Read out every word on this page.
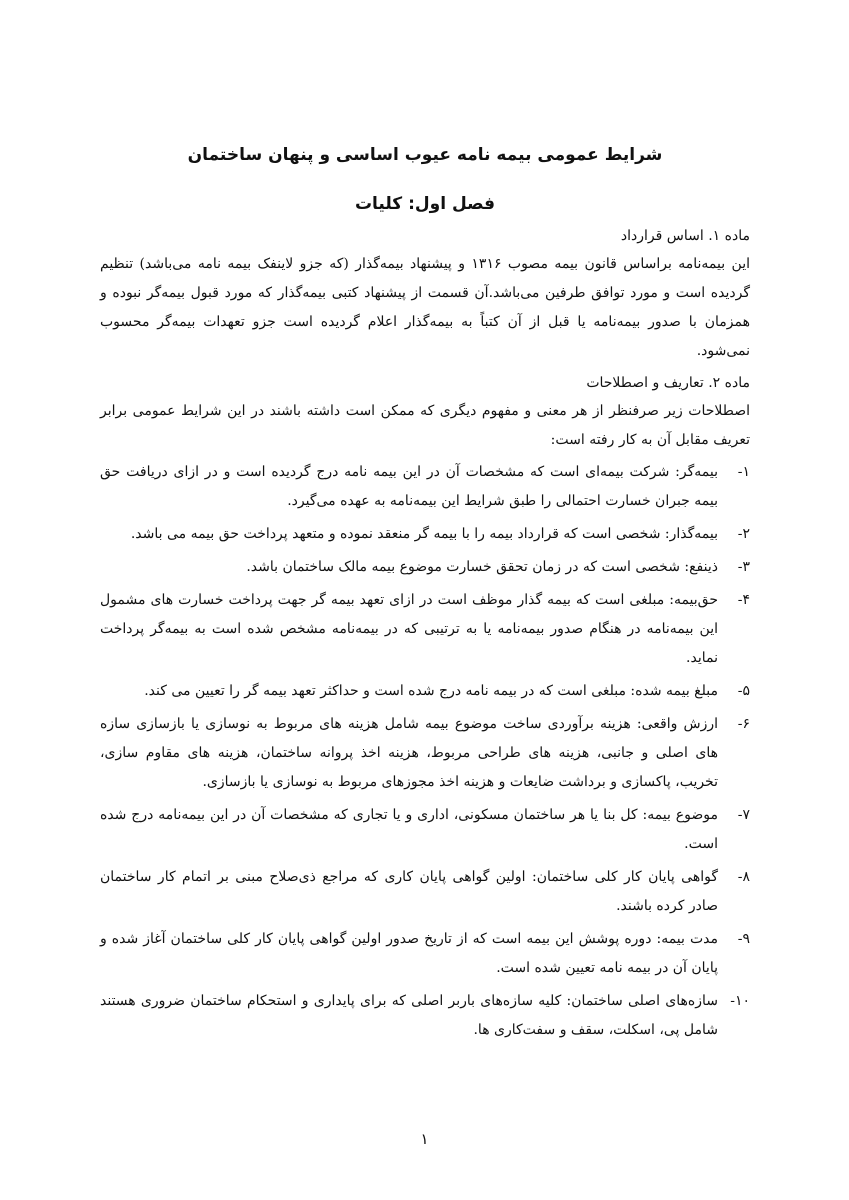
شرایط عمومی بیمه نامه عیوب اساسی و پنهان ساختمان
فصل اول: کلیات

ماده ۱. اساس قرارداد

این بیمه‌نامه براساس قانون بیمه مصوب ۱۳۱۶ و پیشنهاد بیمه‌گذار (که جزو لاینفک بیمه نامه می‌باشد) تنظیم گردیده است و مورد توافق طرفین می‌باشد.آن قسمت از پیشنهاد کتبی بیمه‌گذار که مورد قبول بیمه‌گر نبوده و همزمان با صدور بیمه‌نامه یا قبل از آن کتباً به بیمه‌گذار اعلام گردیده است جزو تعهدات بیمه‌گر محسوب نمی‌شود.

ماده ۲. تعاریف و اصطلاحات

اصطلاحات زیر صرفنظر از هر معنی و مفهوم دیگری که ممکن است داشته باشند در این شرایط عمومی برابر تعریف مقابل آن به کار رفته است:

۱-
بیمه‌گر: شرکت بیمه‌ای است که مشخصات آن در این بیمه نامه درج گردیده است و در ازای دریافت حق بیمه جبران خسارت احتمالی را طبق شرایط این بیمه‌نامه به عهده می‌گیرد.
۲-
بیمه‌گذار: شخصی است که قرارداد بیمه را با بیمه گر منعقد نموده و متعهد پرداخت حق بیمه می باشد.
۳-
ذینفع: شخصی است که در زمان تحقق خسارت موضوع بیمه مالک ساختمان باشد.
۴-
حق‌بیمه: مبلغی است که بیمه گذار موظف است در ازای تعهد بیمه گر جهت پرداخت خسارت های مشمول این بیمه‌نامه در هنگام صدور بیمه‌نامه یا به ترتیبی که در بیمه‌نامه مشخص شده است به بیمه‌گر پرداخت نماید.
۵-
مبلغ بیمه شده: مبلغی است که در بیمه نامه درج شده است و حداکثر تعهد بیمه گر را تعیین می کند.
۶-
ارزش واقعی: هزینه برآوردی ساخت موضوع بیمه شامل هزینه های مربوط به نوسازی یا بازسازی سازه های اصلی و جانبی، هزینه های طراحی مربوط، هزینه اخذ پروانه ساختمان، هزینه های مقاوم سازی، تخریب، پاکسازی و برداشت ضایعات و هزینه اخذ مجوزهای مربوط به نوسازی یا بازسازی.
۷-
موضوع بیمه: کل بنا یا هر ساختمان مسکونی، اداری و یا تجاری که مشخصات آن در این بیمه‌نامه درج شده است.
۸-
گواهی پایان کار کلی ساختمان: اولین گواهی پایان کاری که مراجع ذی‌صلاح مبنی بر اتمام کار ساختمان صادر کرده باشند.
۹-
مدت بیمه: دوره پوشش این بیمه است که از تاریخ صدور اولین گواهی پایان کار کلی ساختمان آغاز شده و پایان آن در بیمه نامه تعیین شده است.
۱۰-
سازه‌های اصلی ساختمان: کلیه سازه‌های باربر اصلی که برای پایداری و استحکام ساختمان ضروری هستند شامل پی، اسکلت، سقف و سفت‌کاری ها.
۱
